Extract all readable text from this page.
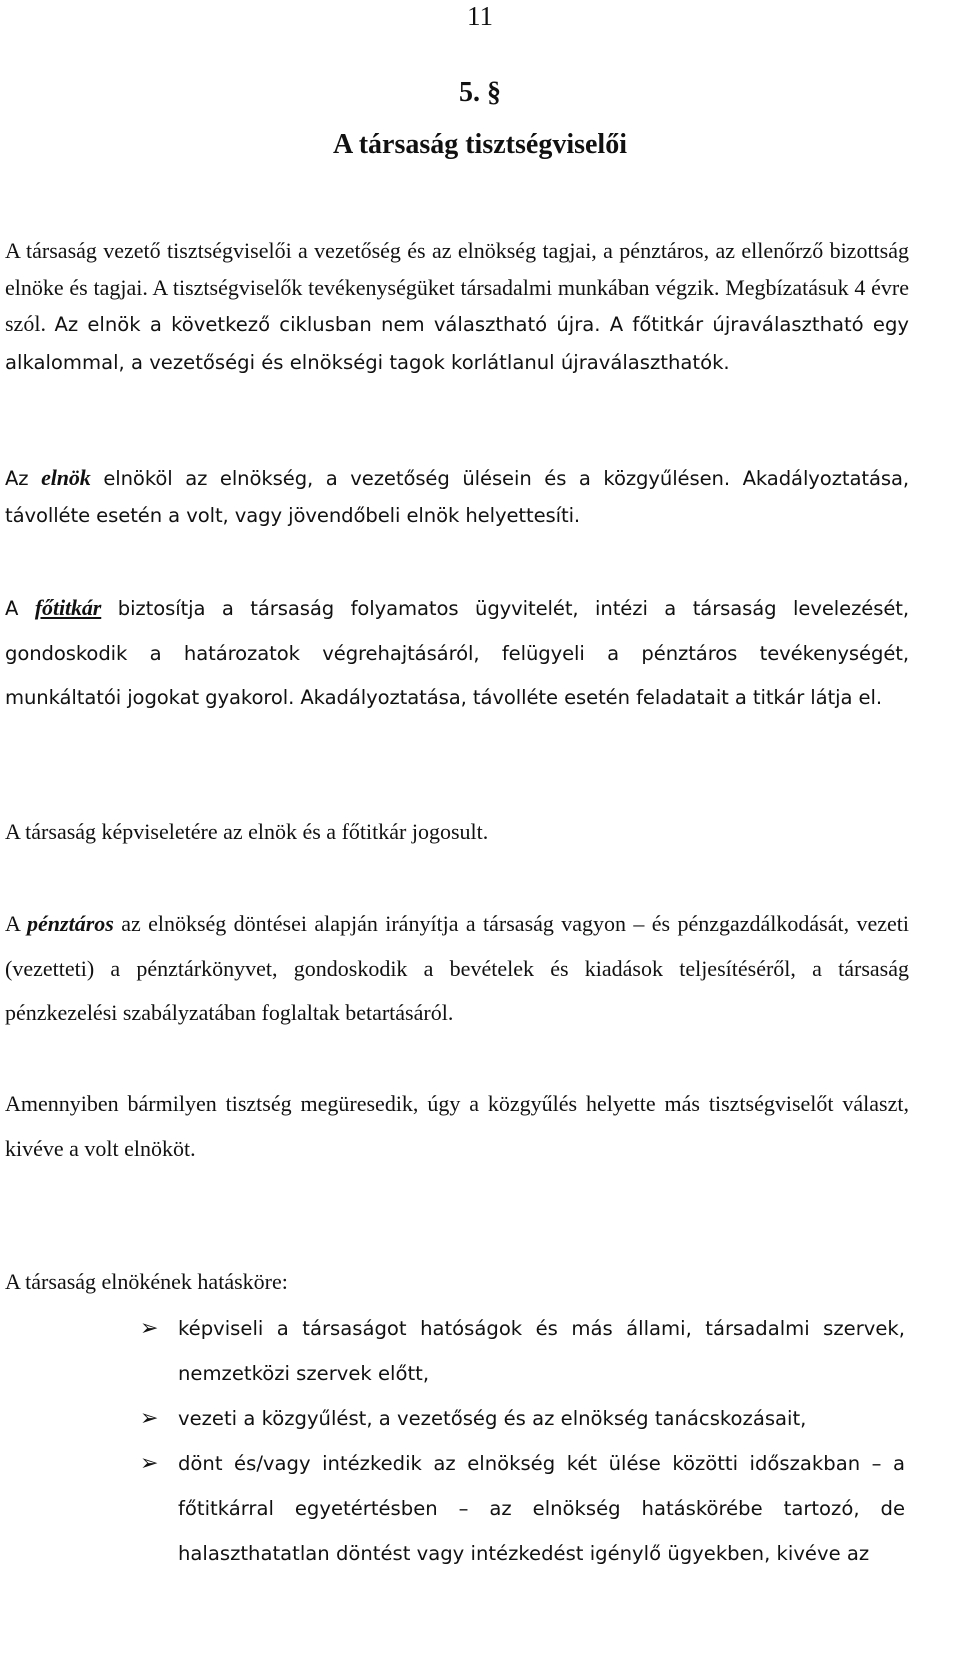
11
5. §
A társaság tisztségviselői
A társaság vezető tisztségviselői a vezetőség és az elnökség tagjai, a pénztáros, az ellenőrző bizottság elnöke és tagjai. A tisztségviselők tevékenységüket társadalmi munkában végzik. Megbízatásuk 4 évre szól. Az elnök a következő ciklusban nem választható újra. A főtitkár újraválasztható egy alkalommal, a vezetőségi és elnökségi tagok korlátlanul újraválaszthatók.
Az elnök elnököl az elnökség, a vezetőség ülésein és a közgyűlésen. Akadályoztatása, távolléte esetén a volt, vagy jövendőbeli elnök helyettesíti.
A főtitkár biztosítja a társaság folyamatos ügyvitelét, intézi a társaság levelezését, gondoskodik a határozatok végrehajtásáról, felügyeli a pénztáros tevékenységét, munkáltatói jogokat gyakorol. Akadályoztatása, távolléte esetén feladatait a titkár látja el.
A társaság képviseletére az elnök és a főtitkár jogosult.
A pénztáros az elnökség döntései alapján irányítja a társaság vagyon – és pénzgazdálkodását, vezeti (vezetteti) a pénztárkönyvet, gondoskodik a bevételek és kiadások teljesítéséről, a társaság pénzkezelési szabályzatában foglaltak betartásáról.
Amennyiben bármilyen tisztség megüresedik, úgy a közgyűlés helyette más tisztségviselőt választ, kivéve a volt elnököt.
A társaság elnökének hatásköre:
➢ képviseli a társaságot hatóságok és más állami, társadalmi szervek, nemzetközi szervek előtt,
➢ vezeti a közgyűlést, a vezetőség és az elnökség tanácskozásait,
➢ dönt és/vagy intézkedik az elnökség két ülése közötti időszakban – a főtitkárral egyetértésben – az elnökség hatáskörébe tartozó, de halaszthatatlan döntést vagy intézkedést igénylő ügyekben, kivéve az
